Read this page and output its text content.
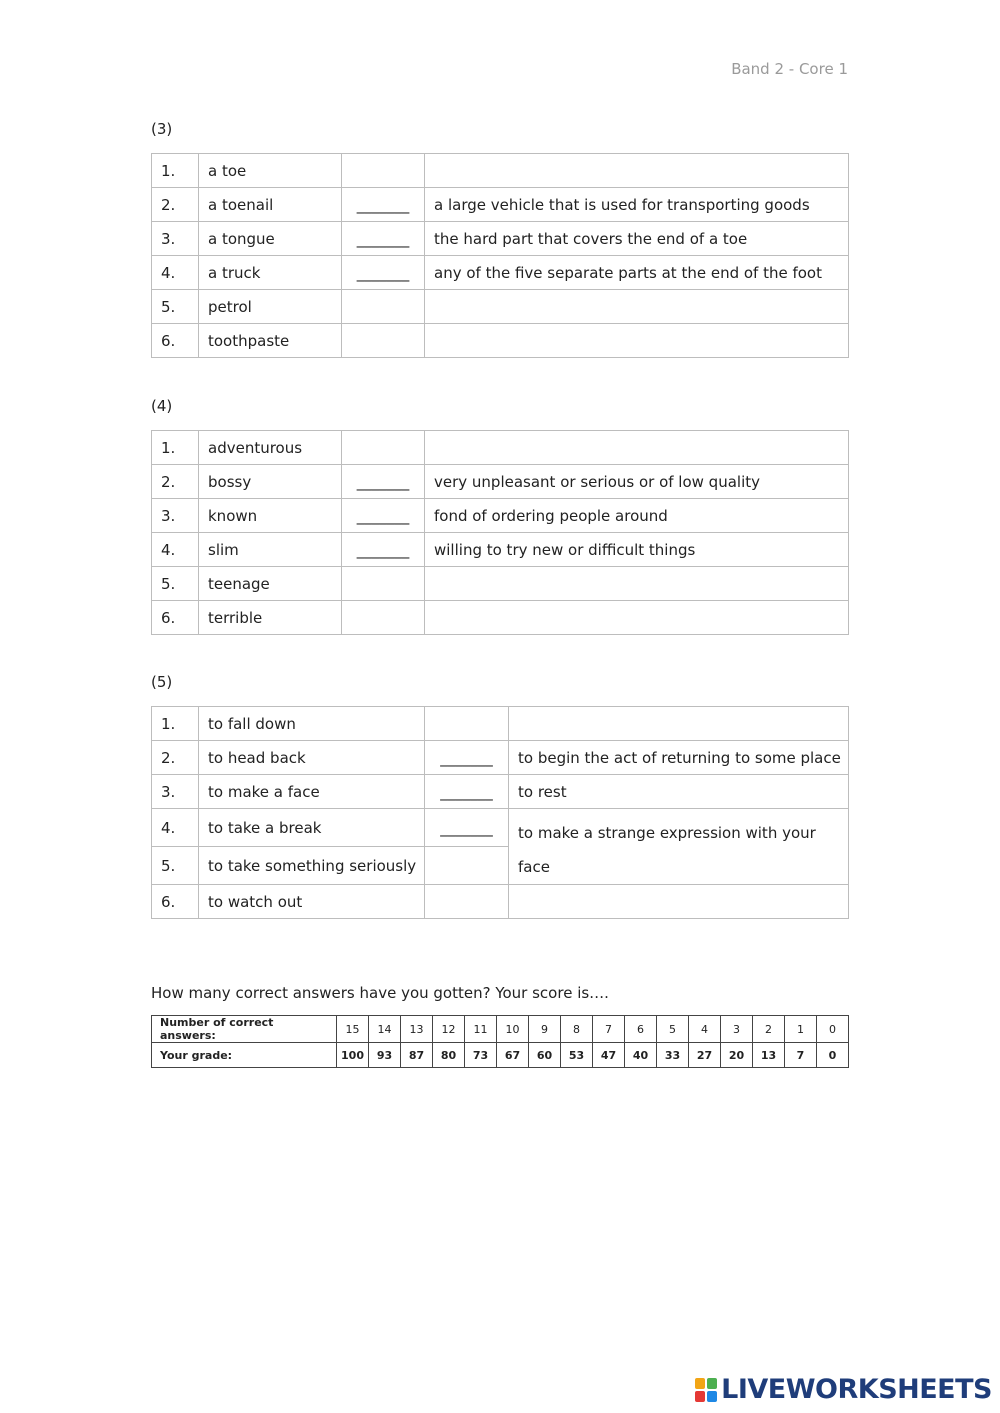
Band 2 - Core 1
(3)
1.	a toe		
2.	a toenail	_______	a large vehicle that is used for transporting goods
3.	a tongue	_______	the hard part that covers the end of a toe
4.	a truck	_______	any of the five separate parts at the end of the foot
5.	petrol		
6.	toothpaste		
(4)
1.	adventurous		
2.	bossy	_______	very unpleasant or serious or of low quality
3.	known	_______	fond of ordering people around
4.	slim	_______	willing to try new or difficult things
5.	teenage		
6.	terrible		
(5)
1.	to fall down		
2.	to head back	_______	to begin the act of returning to some place
3.	to make a face	_______	to rest
4.	to take a break	_______	to make a strange expression with your face
5.	to take something seriously		
6.	to watch out		
How many correct answers have you gotten? Your score is….
Number of correct answers:	15	14	13	12	11	10	9	8	7	6	5	4	3	2	1	0
Your grade:	100	93	87	80	73	67	60	53	47	40	33	27	20	13	7	0
LIVEWORKSHEETS
